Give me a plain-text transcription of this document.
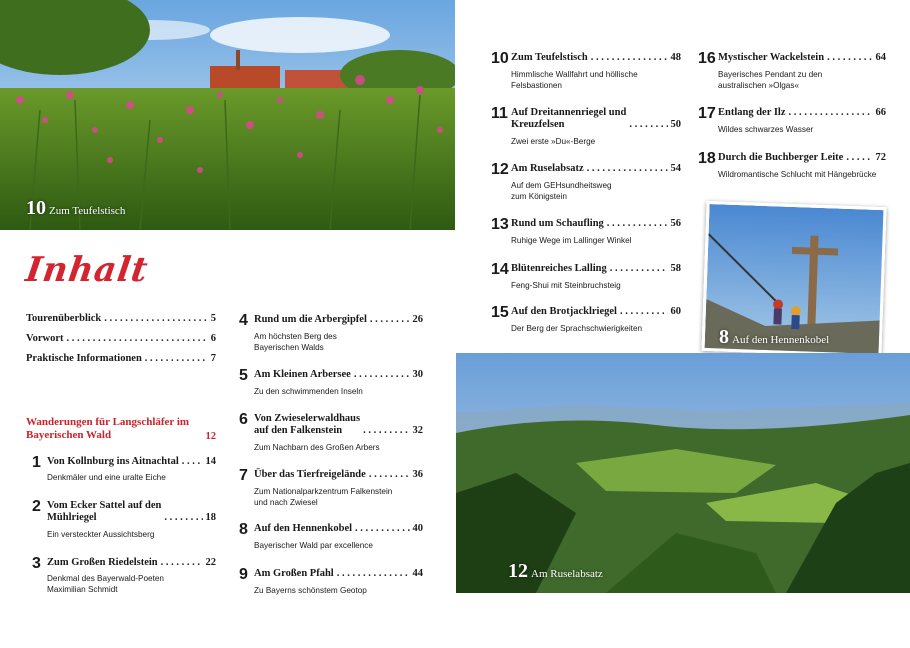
10 Zum Teufelstisch
8 Auf den Hennenkobel
12 Am Ruselabsatz
Inhalt
Tourenüberblick . . .	5
Vorwort . . .	6
Praktische Informationen . . .	7
Wanderungen für Langschläfer im Bayerischen Wald	12
1 Von Kollnburg ins Aitnachtal . . .	14
Denkmäler und eine uralte Eiche
2 Vom Ecker Sattel auf den
Mühlriegel . . .	18
Ein versteckter Aussichtsberg
3 Zum Großen Riedelstein . . .	22
Denkmal des Bayerwald-Poeten
Maximilian Schmidt
4 Rund um die Arbergipfel . . .	26
Am höchsten Berg des
Bayerischen Walds
5 Am Kleinen Arbersee . . .	30
Zu den schwimmenden Inseln
6 Von Zwieselerwaldhaus
auf den Falkenstein . . .	32
Zum Nachbarn des Großen Arbers
7 Über das Tierfreigelände . . .	36
Zum Nationalparkzentrum Falkenstein
und nach Zwiesel
8 Auf den Hennenkobel . . .	40
Bayerischer Wald par excellence
9 Am Großen Pfahl . . .	44
Zu Bayerns schönstem Geotop
10 Zum Teufelstisch . . .	48
Himmlische Wallfahrt und höllische
Felsbastionen
11 Auf Dreitannenriegel und
Kreuzfelsen . . .	50
Zwei erste »Du«-Berge
12 Am Ruselabsatz . . .	54
Auf dem GEHsundheitsweg
zum Königstein
13 Rund um Schaufling . . .	56
Ruhige Wege im Lallinger Winkel
14 Blütenreiches Lalling . . .	58
Feng-Shui mit Steinbruchsteig
15 Auf den Brotjacklriegel . . .	60
Der Berg der Sprachschwierigkeiten
16 Mystischer Wackelstein . . .	64
Bayerisches Pendant zu den
australischen »Olgas«
17 Entlang der Ilz . . .	66
Wildes schwarzes Wasser
18 Durch die Buchberger Leite . . .	72
Wildromantische Schlucht mit Hängebrücke
